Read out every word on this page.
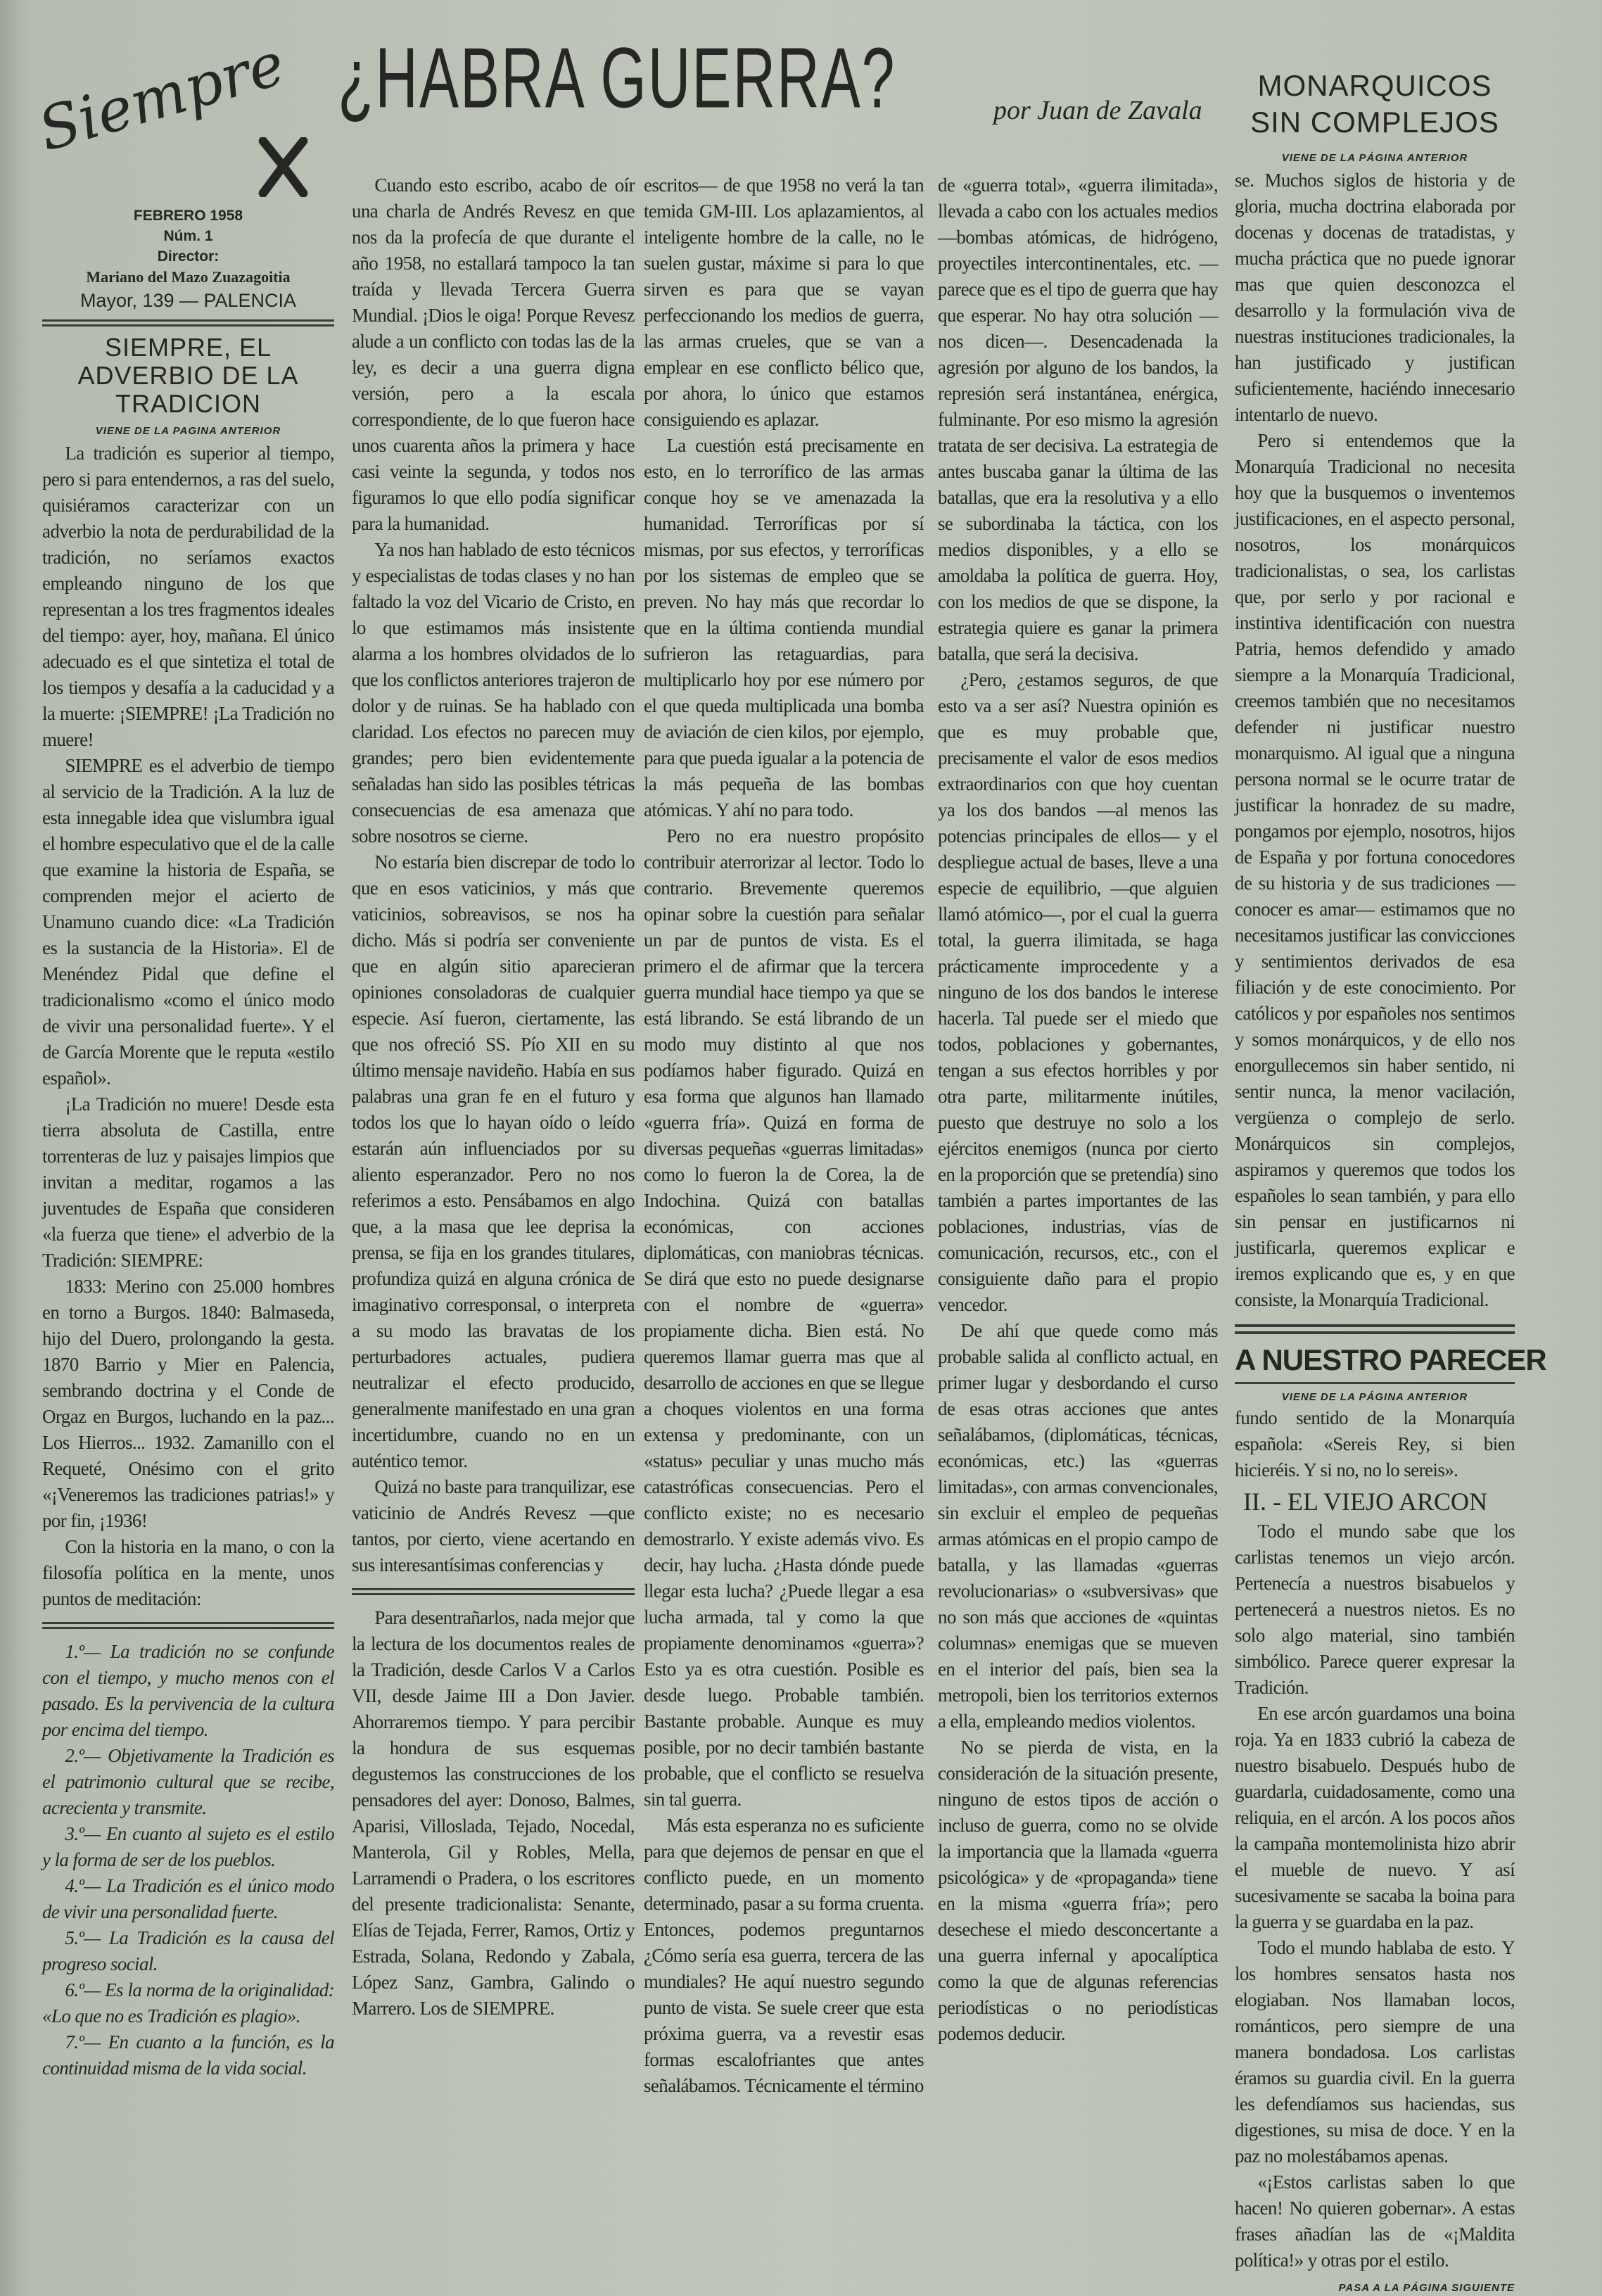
Siempre
FEBRERO 1958
Núm. 1
Director:
Mariano del Mazo Zuazagoitia
Mayor, 139 — PALENCIA
SIEMPRE, EL ADVERBIO DE LA TRADICION
VIENE DE LA PAGINA ANTERIOR

La tradición es superior al tiempo, pero si para entendernos, a ras del suelo, quisiéramos caracterizar con un adverbio la nota de perdurabilidad de la tradición, no seríamos exactos empleando ninguno de los que representan a los tres fragmentos ideales del tiempo: ayer, hoy, mañana. El único adecuado es el que sintetiza el total de los tiempos y desafía a la caducidad y a la muerte: ¡SIEMPRE! ¡La Tradición no muere!

SIEMPRE es el adverbio de tiempo al servicio de la Tradición. A la luz de esta innegable idea que vislumbra igual el hombre especulativo que el de la calle que examine la historia de España, se comprenden mejor el acierto de Unamuno cuando dice: «La Tradición es la sustancia de la Historia». El de Menéndez Pidal que define el tradicionalismo «como el único modo de vivir una personalidad fuerte». Y el de García Morente que le reputa «estilo español».

¡La Tradición no muere! Desde esta tierra absoluta de Castilla, entre torrenteras de luz y paisajes limpios que invitan a meditar, rogamos a las juventudes de España que consideren «la fuerza que tiene» el adverbio de la Tradición: SIEMPRE:

1833: Merino con 25.000 hombres en torno a Burgos. 1840: Balmaseda, hijo del Duero, prolongando la gesta. 1870 Barrio y Mier en Palencia, sembrando doctrina y el Conde de Orgaz en Burgos, luchando en la paz... Los Hierros... 1932. Zamanillo con el Requeté, Onésimo con el grito «¡Veneremos las tradiciones patrias!» y por fin, ¡1936!

Con la historia en la mano, o con la filosofía política en la mente, unos puntos de meditación:

1.º— La tradición no se confunde con el tiempo, y mucho menos con el pasado. Es la pervivencia de la cultura por encima del tiempo.

2.º— Objetivamente la Tradición es el patrimonio cultural que se recibe, acrecienta y transmite.

3.º— En cuanto al sujeto es el estilo y la forma de ser de los pueblos.

4.º— La Tradición es el único modo de vivir una personalidad fuerte.

5.º— La Tradición es la causa del progreso social.

6.º— Es la norma de la originalidad: «Lo que no es Tradición es plagio».

7.º— En cuanto a la función, es la continuidad misma de la vida social.

¿HABRA GUERRA?	por Juan de Zavala

Cuando esto escribo, acabo de oír una charla de Andrés Revesz en que nos da la profecía de que durante el año 1958, no estallará tampoco la tan traída y llevada Tercera Guerra Mundial. ¡Dios le oiga! Porque Revesz alude a un conflicto con todas las de la ley, es decir a una guerra digna versión, pero a la escala correspondiente, de lo que fueron hace unos cuarenta años la primera y hace casi veinte la segunda, y todos nos figuramos lo que ello podía significar para la humanidad.

Ya nos han hablado de esto técnicos y especialistas de todas clases y no han faltado la voz del Vicario de Cristo, en lo que estimamos más insistente alarma a los hombres olvidados de lo que los conflictos anteriores trajeron de dolor y de ruinas. Se ha hablado con claridad. Los efectos no parecen muy grandes; pero bien evidentemente señaladas han sido las posibles tétricas consecuencias de esa amenaza que sobre nosotros se cierne.

No estaría bien discrepar de todo lo que en esos vaticinios, y más que vaticinios, sobreavisos, se nos ha dicho. Más si podría ser conveniente que en algún sitio aparecieran opiniones consoladoras de cualquier especie. Así fueron, ciertamente, las que nos ofreció SS. Pío XII en su último mensaje navideño. Había en sus palabras una gran fe en el futuro y todos los que lo hayan oído o leído estarán aún influenciados por su aliento esperanzador. Pero no nos referimos a esto. Pensábamos en algo que, a la masa que lee deprisa la prensa, se fija en los grandes titulares, profundiza quizá en alguna crónica de imaginativo corresponsal, o interpreta a su modo las bravatas de los perturbadores actuales, pudiera neutralizar el efecto producido, generalmente manifestado en una gran incertidumbre, cuando no en un auténtico temor.

Quizá no baste para tranquilizar, ese vaticinio de Andrés Revesz —que tantos, por cierto, viene acertando en sus interesantísimas conferencias y

Para desentrañarlos, nada mejor que la lectura de los documentos reales de la Tradición, desde Carlos V a Carlos VII, desde Jaime III a Don Javier. Ahorraremos tiempo. Y para percibir la hondura de sus esquemas degustemos las construcciones de los pensadores del ayer: Donoso, Balmes, Aparisi, Villoslada, Tejado, Nocedal, Manterola, Gil y Robles, Mella, Larramendi o Pradera, o los escritores del presente tradicionalista: Senante, Elías de Tejada, Ferrer, Ramos, Ortiz y Estrada, Solana, Redondo y Zabala, López Sanz, Gambra, Galindo o Marrero. Los de SIEMPRE.

escritos— de que 1958 no verá la tan temida GM-III. Los aplazamientos, al inteligente hombre de la calle, no le suelen gustar, máxime si para lo que sirven es para que se vayan perfeccionando los medios de guerra, las armas crueles, que se van a emplear en ese conflicto bélico que, por ahora, lo único que estamos consiguiendo es aplazar.

La cuestión está precisamente en esto, en lo terrorífico de las armas conque hoy se ve amenazada la humanidad. Terroríficas por sí mismas, por sus efectos, y terroríficas por los sistemas de empleo que se preven. No hay más que recordar lo que en la última contienda mundial sufrieron las retaguardias, para multiplicarlo hoy por ese número por el que queda multiplicada una bomba de aviación de cien kilos, por ejemplo, para que pueda igualar a la potencia de la más pequeña de las bombas atómicas. Y ahí no para todo.

Pero no era nuestro propósito contribuir aterrorizar al lector. Todo lo contrario. Brevemente queremos opinar sobre la cuestión para señalar un par de puntos de vista. Es el primero el de afirmar que la tercera guerra mundial hace tiempo ya que se está librando. Se está librando de un modo muy distinto al que nos podíamos haber figurado. Quizá en esa forma que algunos han llamado «guerra fría». Quizá en forma de diversas pequeñas «guerras limitadas» como lo fueron la de Corea, la de Indochina. Quizá con batallas económicas, con acciones diplomáticas, con maniobras técnicas. Se dirá que esto no puede designarse con el nombre de «guerra» propiamente dicha. Bien está. No queremos llamar guerra mas que al desarrollo de acciones en que se llegue a choques violentos en una forma extensa y predominante, con un «status» peculiar y unas mucho más catastróficas consecuencias. Pero el conflicto existe; no es necesario demostrarlo. Y existe además vivo. Es decir, hay lucha. ¿Hasta dónde puede llegar esta lucha? ¿Puede llegar a esa lucha armada, tal y como la que propiamente denominamos «guerra»? Esto ya es otra cuestión. Posible es desde luego. Probable también. Bastante probable. Aunque es muy posible, por no decir también bastante probable, que el conflicto se resuelva sin tal guerra.

Más esta esperanza no es suficiente para que dejemos de pensar en que el conflicto puede, en un momento determinado, pasar a su forma cruenta. Entonces, podemos preguntarnos ¿Cómo sería esa guerra, tercera de las mundiales? He aquí nuestro segundo punto de vista. Se suele creer que esta próxima guerra, va a revestir esas formas escalofriantes que antes señalábamos. Técnicamente el término

de «guerra total», «guerra ilimitada», llevada a cabo con los actuales medios —bombas atómicas, de hidrógeno, proyectiles intercontinentales, etc. —parece que es el tipo de guerra que hay que esperar. No hay otra solución —nos dicen—. Desencadenada la agresión por alguno de los bandos, la represión será instantánea, enérgica, fulminante. Por eso mismo la agresión tratata de ser decisiva. La estrategia de antes buscaba ganar la última de las batallas, que era la resolutiva y a ello se subordinaba la táctica, con los medios disponibles, y a ello se amoldaba la política de guerra. Hoy, con los medios de que se dispone, la estrategia quiere es ganar la primera batalla, que será la decisiva.

¿Pero, ¿estamos seguros, de que esto va a ser así? Nuestra opinión es que es muy probable que, precisamente el valor de esos medios extraordinarios con que hoy cuentan ya los dos bandos —al menos las potencias principales de ellos— y el despliegue actual de bases, lleve a una especie de equilibrio, —que alguien llamó atómico—, por el cual la guerra total, la guerra ilimitada, se haga prácticamente improcedente y a ninguno de los dos bandos le interese hacerla. Tal puede ser el miedo que todos, poblaciones y gobernantes, tengan a sus efectos horribles y por otra parte, militarmente inútiles, puesto que destruye no solo a los ejércitos enemigos (nunca por cierto en la proporción que se pretendía) sino también a partes importantes de las poblaciones, industrias, vías de comunicación, recursos, etc., con el consiguiente daño para el propio vencedor.

De ahí que quede como más probable salida al conflicto actual, en primer lugar y desbordando el curso de esas otras acciones que antes señalábamos, (diplomáticas, técnicas, económicas, etc.) las «guerras limitadas», con armas convencionales, sin excluir el empleo de pequeñas armas atómicas en el propio campo de batalla, y las llamadas «guerras revolucionarias» o «subversivas» que no son más que acciones de «quintas columnas» enemigas que se mueven en el interior del país, bien sea la metropoli, bien los territorios externos a ella, empleando medios violentos.

No se pierda de vista, en la consideración de la situación presente, ninguno de estos tipos de acción o incluso de guerra, como no se olvide la importancia que la llamada «guerra psicológica» y de «propaganda» tiene en la misma «guerra fría»; pero desechese el miedo desconcertante a una guerra infernal y apocalíptica como la que de algunas referencias periodísticas o no periodísticas podemos deducir.

MONARQUICOS
SIN COMPLEJOS
VIENE DE LA PÁGINA ANTERIOR

se. Muchos siglos de historia y de gloria, mucha doctrina elaborada por docenas y docenas de tratadistas, y mucha práctica que no puede ignorar mas que quien desconozca el desarrollo y la formulación viva de nuestras instituciones tradicionales, la han justificado y justifican suficientemente, haciéndo innecesario intentarlo de nuevo.

Pero si entendemos que la Monarquía Tradicional no necesita hoy que la busquemos o inventemos justificaciones, en el aspecto personal, nosotros, los monárquicos tradicionalistas, o sea, los carlistas que, por serlo y por racional e instintiva identificación con nuestra Patria, hemos defendido y amado siempre a la Monarquía Tradicional, creemos también que no necesitamos defender ni justificar nuestro monarquismo. Al igual que a ninguna persona normal se le ocurre tratar de justificar la honradez de su madre, pongamos por ejemplo, nosotros, hijos de España y por fortuna conocedores de su historia y de sus tradiciones —conocer es amar— estimamos que no necesitamos justificar las convicciones y sentimientos derivados de esa filiación y de este conocimiento. Por católicos y por españoles nos sentimos y somos monárquicos, y de ello nos enorgullecemos sin haber sentido, ni sentir nunca, la menor vacilación, vergüenza o complejo de serlo. Monárquicos sin complejos, aspiramos y queremos que todos los españoles lo sean también, y para ello sin pensar en justificarnos ni justificarla, queremos explicar e iremos explicando que es, y en que consiste, la Monarquía Tradicional.

A NUESTRO PARECER
VIENE DE LA PÁGINA ANTERIOR

fundo sentido de la Monarquía española: «Sereis Rey, si bien hicieréis. Y si no, no lo sereis».

II. - EL VIEJO ARCON

Todo el mundo sabe que los carlistas tenemos un viejo arcón. Pertenecía a nuestros bisabuelos y pertenecerá a nuestros nietos. Es no solo algo material, sino también simbólico. Parece querer expresar la Tradición.

En ese arcón guardamos una boina roja. Ya en 1833 cubrió la cabeza de nuestro bisabuelo. Después hubo de guardarla, cuidadosamente, como una reliquia, en el arcón. A los pocos años la campaña montemolinista hizo abrir el mueble de nuevo. Y así sucesivamente se sacaba la boina para la guerra y se guardaba en la paz.

Todo el mundo hablaba de esto. Y los hombres sensatos hasta nos elogiaban. Nos llamaban locos, románticos, pero siempre de una manera bondadosa. Los carlistas éramos su guardia civil. En la guerra les defendíamos sus haciendas, sus digestiones, su misa de doce. Y en la paz no molestábamos apenas.

«¡Estos carlistas saben lo que hacen! No quieren gobernar». A estas frases añadían las de «¡Maldita política!» y otras por el estilo.

PASA A LA PÁGINA SIGUIENTE
